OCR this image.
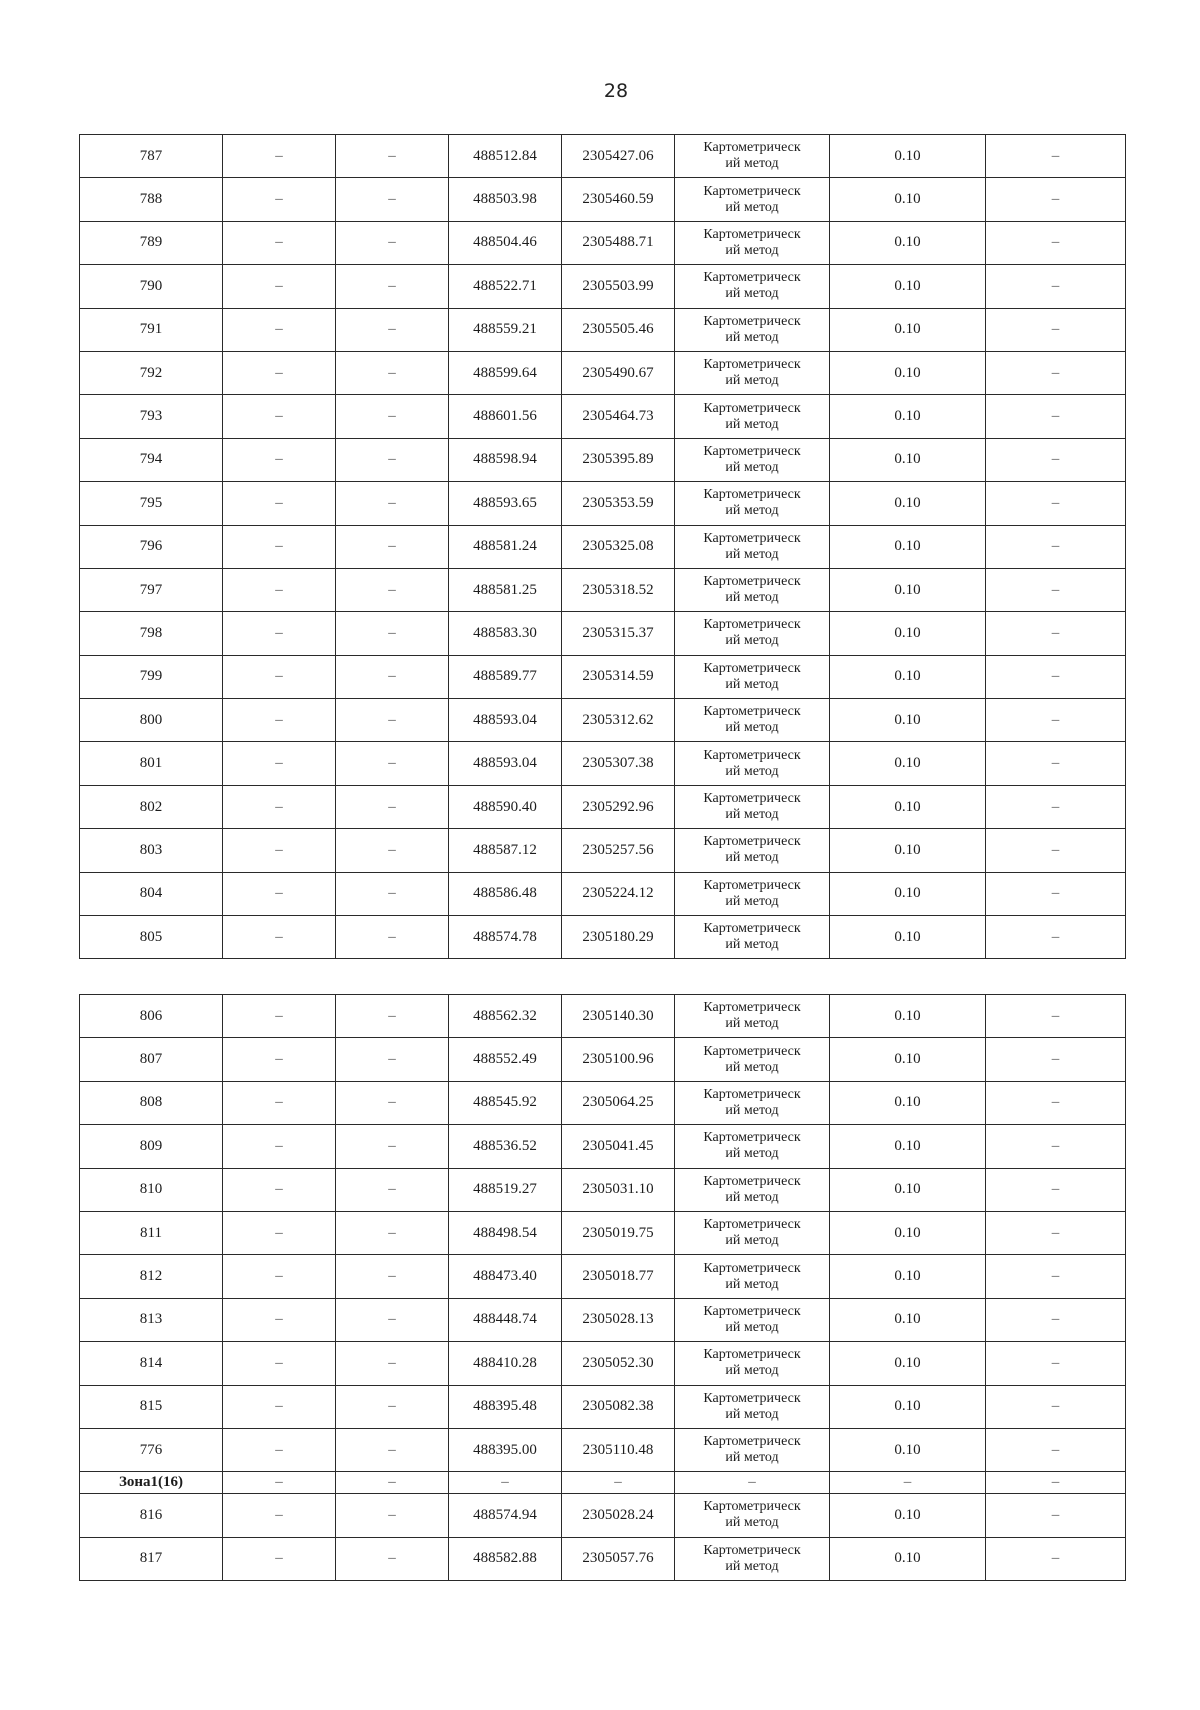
28
787	–	–	488512.84	2305427.06	Картометрическ
ий метод	0.10	–
788	–	–	488503.98	2305460.59	Картометрическ
ий метод	0.10	–
789	–	–	488504.46	2305488.71	Картометрическ
ий метод	0.10	–
790	–	–	488522.71	2305503.99	Картометрическ
ий метод	0.10	–
791	–	–	488559.21	2305505.46	Картометрическ
ий метод	0.10	–
792	–	–	488599.64	2305490.67	Картометрическ
ий метод	0.10	–
793	–	–	488601.56	2305464.73	Картометрическ
ий метод	0.10	–
794	–	–	488598.94	2305395.89	Картометрическ
ий метод	0.10	–
795	–	–	488593.65	2305353.59	Картометрическ
ий метод	0.10	–
796	–	–	488581.24	2305325.08	Картометрическ
ий метод	0.10	–
797	–	–	488581.25	2305318.52	Картометрическ
ий метод	0.10	–
798	–	–	488583.30	2305315.37	Картометрическ
ий метод	0.10	–
799	–	–	488589.77	2305314.59	Картометрическ
ий метод	0.10	–
800	–	–	488593.04	2305312.62	Картометрическ
ий метод	0.10	–
801	–	–	488593.04	2305307.38	Картометрическ
ий метод	0.10	–
802	–	–	488590.40	2305292.96	Картометрическ
ий метод	0.10	–
803	–	–	488587.12	2305257.56	Картометрическ
ий метод	0.10	–
804	–	–	488586.48	2305224.12	Картометрическ
ий метод	0.10	–
805	–	–	488574.78	2305180.29	Картометрическ
ий метод	0.10	–
806	–	–	488562.32	2305140.30	Картометрическ
ий метод	0.10	–
807	–	–	488552.49	2305100.96	Картометрическ
ий метод	0.10	–
808	–	–	488545.92	2305064.25	Картометрическ
ий метод	0.10	–
809	–	–	488536.52	2305041.45	Картометрическ
ий метод	0.10	–
810	–	–	488519.27	2305031.10	Картометрическ
ий метод	0.10	–
811	–	–	488498.54	2305019.75	Картометрическ
ий метод	0.10	–
812	–	–	488473.40	2305018.77	Картометрическ
ий метод	0.10	–
813	–	–	488448.74	2305028.13	Картометрическ
ий метод	0.10	–
814	–	–	488410.28	2305052.30	Картометрическ
ий метод	0.10	–
815	–	–	488395.48	2305082.38	Картометрическ
ий метод	0.10	–
776	–	–	488395.00	2305110.48	Картометрическ
ий метод	0.10	–
Зона1(16)	–	–	–	–	–	–	–
816	–	–	488574.94	2305028.24	Картометрическ
ий метод	0.10	–
817	–	–	488582.88	2305057.76	Картометрическ
ий метод	0.10	–
